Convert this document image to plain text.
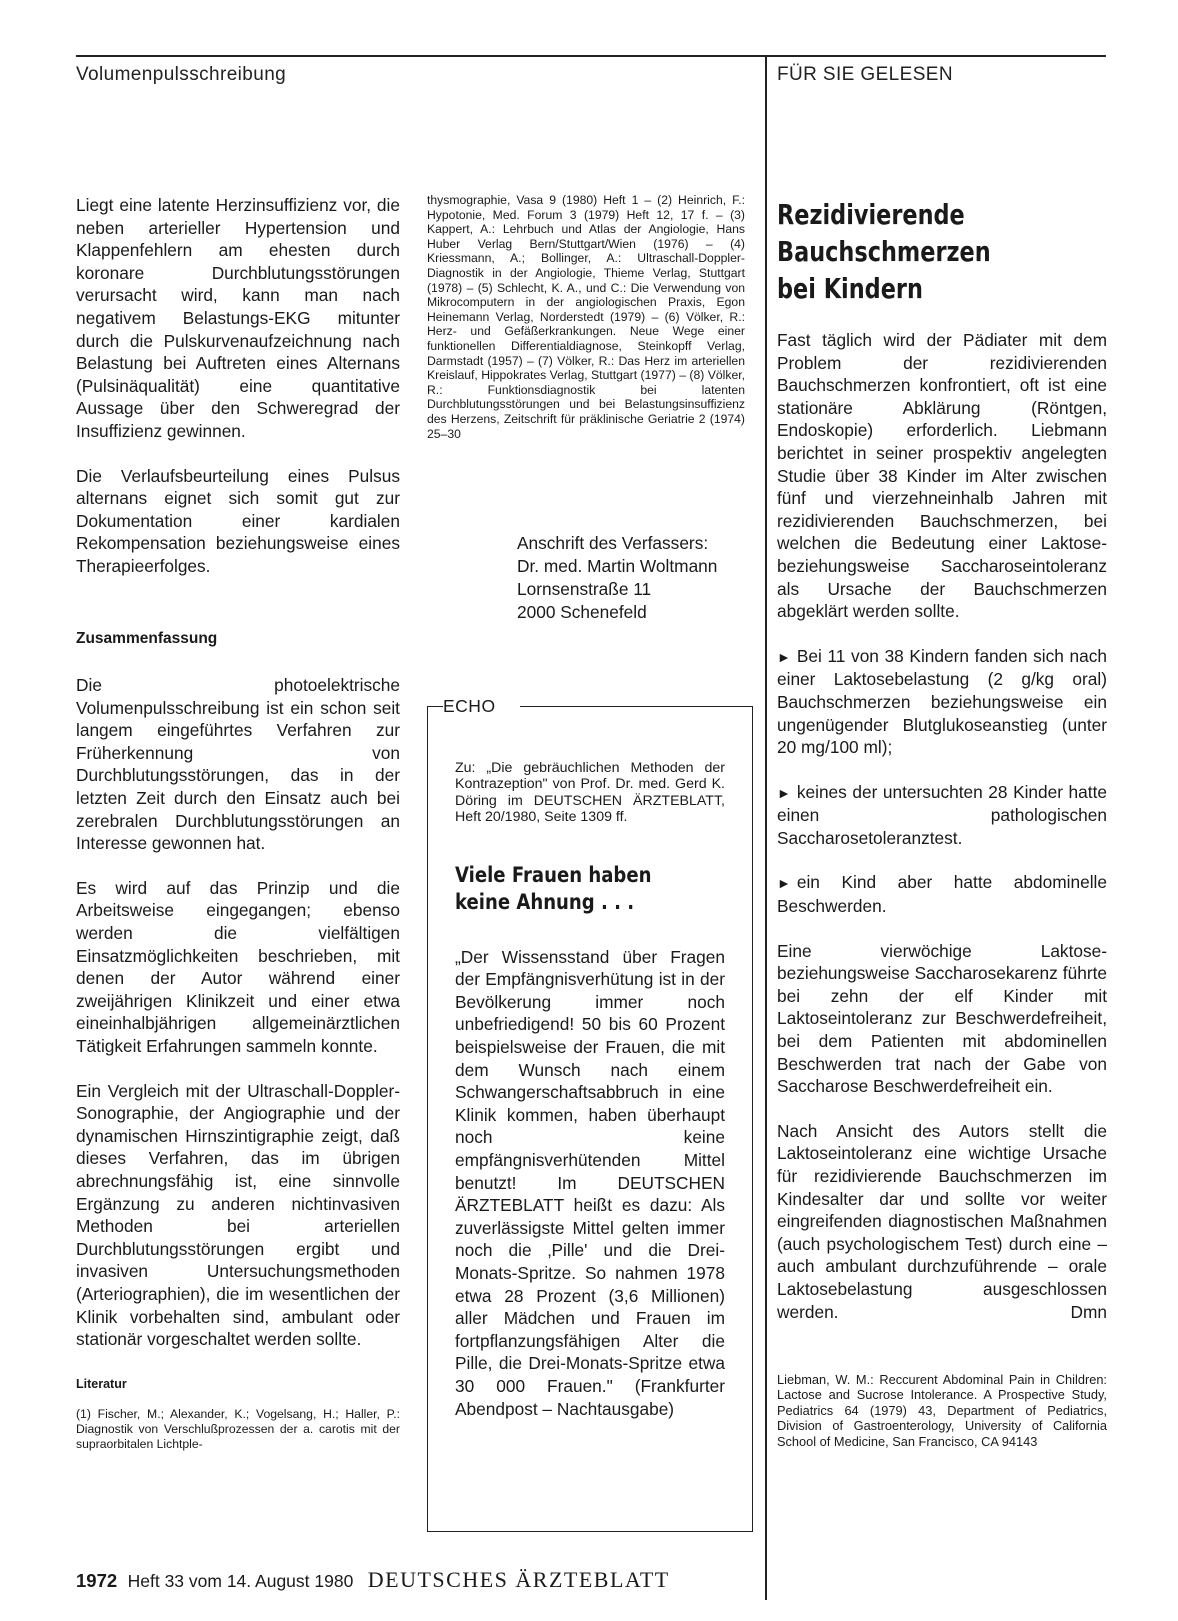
Volumenpulsschreibung	FÜR SIE GELESEN

Liegt eine latente Herzinsuffizienz vor, die neben arterieller Hypertension und Klappenfehlern am ehesten durch koronare Durchblutungsstörungen verursacht wird, kann man nach negativem Belastungs-EKG mitunter durch die Pulskurvenaufzeichnung nach Belastung bei Auftreten eines Alternans (Pulsinäqualität) eine quantitative Aussage über den Schweregrad der Insuffizienz gewinnen.

Die Verlaufsbeurteilung eines Pulsus alternans eignet sich somit gut zur Dokumentation einer kardialen Rekompensation beziehungsweise eines Therapieerfolges.

Zusammenfassung

Die photoelektrische Volumenpulsschreibung ist ein schon seit langem eingeführtes Verfahren zur Früherkennung von Durchblutungsstörungen, das in der letzten Zeit durch den Einsatz auch bei zerebralen Durchblutungsstörungen an Interesse gewonnen hat.

Es wird auf das Prinzip und die Arbeitsweise eingegangen; ebenso werden die vielfältigen Einsatzmöglichkeiten beschrieben, mit denen der Autor während einer zweijährigen Klinikzeit und einer etwa eineinhalbjährigen allgemeinärztlichen Tätigkeit Erfahrungen sammeln konnte.

Ein Vergleich mit der Ultraschall-Doppler-Sonographie, der Angiographie und der dynamischen Hirnszintigraphie zeigt, daß dieses Verfahren, das im übrigen abrechnungsfähig ist, eine sinnvolle Ergänzung zu anderen nichtinvasiven Methoden bei arteriellen Durchblutungsstörungen ergibt und invasiven Untersuchungsmethoden (Arteriographien), die im wesentlichen der Klinik vorbehalten sind, ambulant oder stationär vorgeschaltet werden sollte.

Literatur
(1) Fischer, M.; Alexander, K.; Vogelsang, H.; Haller, P.: Diagnostik von Verschlußprozessen der a. carotis mit der supraorbitalen Lichtple-

thysmographie, Vasa 9 (1980) Heft 1 – (2) Heinrich, F.: Hypotonie, Med. Forum 3 (1979) Heft 12, 17 f. – (3) Kappert, A.: Lehrbuch und Atlas der Angiologie, Hans Huber Verlag Bern/Stuttgart/Wien (1976) – (4) Kriessmann, A.; Bollinger, A.: Ultraschall-Doppler-Diagnostik in der Angiologie, Thieme Verlag, Stuttgart (1978) – (5) Schlecht, K. A., und C.: Die Verwendung von Mikrocomputern in der angiologischen Praxis, Egon Heinemann Verlag, Norderstedt (1979) – (6) Völker, R.: Herz- und Gefäßerkrankungen. Neue Wege einer funktionellen Differentialdiagnose, Steinkopff Verlag, Darmstadt (1957) – (7) Völker, R.: Das Herz im arteriellen Kreislauf, Hippokrates Verlag, Stuttgart (1977) – (8) Völker, R.: Funktionsdiagnostik bei latenten Durchblutungsstörungen und bei Belastungsinsuffizienz des Herzens, Zeitschrift für präklinische Geriatrie 2 (1974) 25–30

Anschrift des Verfassers:
Dr. med. Martin Woltmann
Lornsenstraße 11
2000 Schenefeld
ECHO
Zu: „Die gebräuchlichen Methoden der Kontrazeption" von Prof. Dr. med. Gerd K. Döring im DEUTSCHEN ÄRZTEBLATT, Heft 20/1980, Seite 1309 ff.
Viele Frauen haben
keine Ahnung . . .
„Der Wissensstand über Fragen der Empfängnisverhütung ist in der Bevölkerung immer noch unbefriedigend! 50 bis 60 Prozent beispielsweise der Frauen, die mit dem Wunsch nach einem Schwangerschaftsabbruch in eine Klinik kommen, haben überhaupt noch keine empfängnisverhütenden Mittel benutzt! Im DEUTSCHEN ÄRZTEBLATT heißt es dazu: Als zuverlässigste Mittel gelten immer noch die ‚Pille' und die Drei-Monats-Spritze. So nahmen 1978 etwa 28 Prozent (3,6 Millionen) aller Mädchen und Frauen im fortpflanzungsfähigen Alter die Pille, die Drei-Monats-Spritze etwa 30 000 Frauen." (Frankfurter Abendpost – Nachtausgabe)
Rezidivierende
Bauchschmerzen
bei Kindern

Fast täglich wird der Pädiater mit dem Problem der rezidivierenden Bauchschmerzen konfrontiert, oft ist eine stationäre Abklärung (Röntgen, Endoskopie) erforderlich. Liebmann berichtet in seiner prospektiv angelegten Studie über 38 Kinder im Alter zwischen fünf und vierzehneinhalb Jahren mit rezidivierenden Bauchschmerzen, bei welchen die Bedeutung einer Laktose- beziehungsweise Saccharoseintoleranz als Ursache der Bauchschmerzen abgeklärt werden sollte.

► Bei 11 von 38 Kindern fanden sich nach einer Laktosebelastung (2 g/kg oral) Bauchschmerzen beziehungsweise ein ungenügender Blutglukoseanstieg (unter 20 mg/100 ml);

► keines der untersuchten 28 Kinder hatte einen pathologischen Saccharosetoleranztest.

► ein Kind aber hatte abdominelle Beschwerden.

Eine vierwöchige Laktose- beziehungsweise Saccharosekarenz führte bei zehn der elf Kinder mit Laktoseintoleranz zur Beschwerdefreiheit, bei dem Patienten mit abdominellen Beschwerden trat nach der Gabe von Saccharose Beschwerdefreiheit ein.

Nach Ansicht des Autors stellt die Laktoseintoleranz eine wichtige Ursache für rezidivierende Bauchschmerzen im Kindesalter dar und sollte vor weiter eingreifenden diagnostischen Maßnahmen (auch psychologischem Test) durch eine – auch ambulant durchzuführende – orale Laktosebelastung ausgeschlossen werden.	Dmn
Liebman, W. M.: Reccurent Abdominal Pain in Children: Lactose and Sucrose Intolerance. A Prospective Study, Pediatrics 64 (1979) 43, Department of Pediatrics, Division of Gastroenterology, University of California School of Medicine, San Francisco, CA 94143
1972 Heft 33 vom 14. August 1980 DEUTSCHES ÄRZTEBLATT
